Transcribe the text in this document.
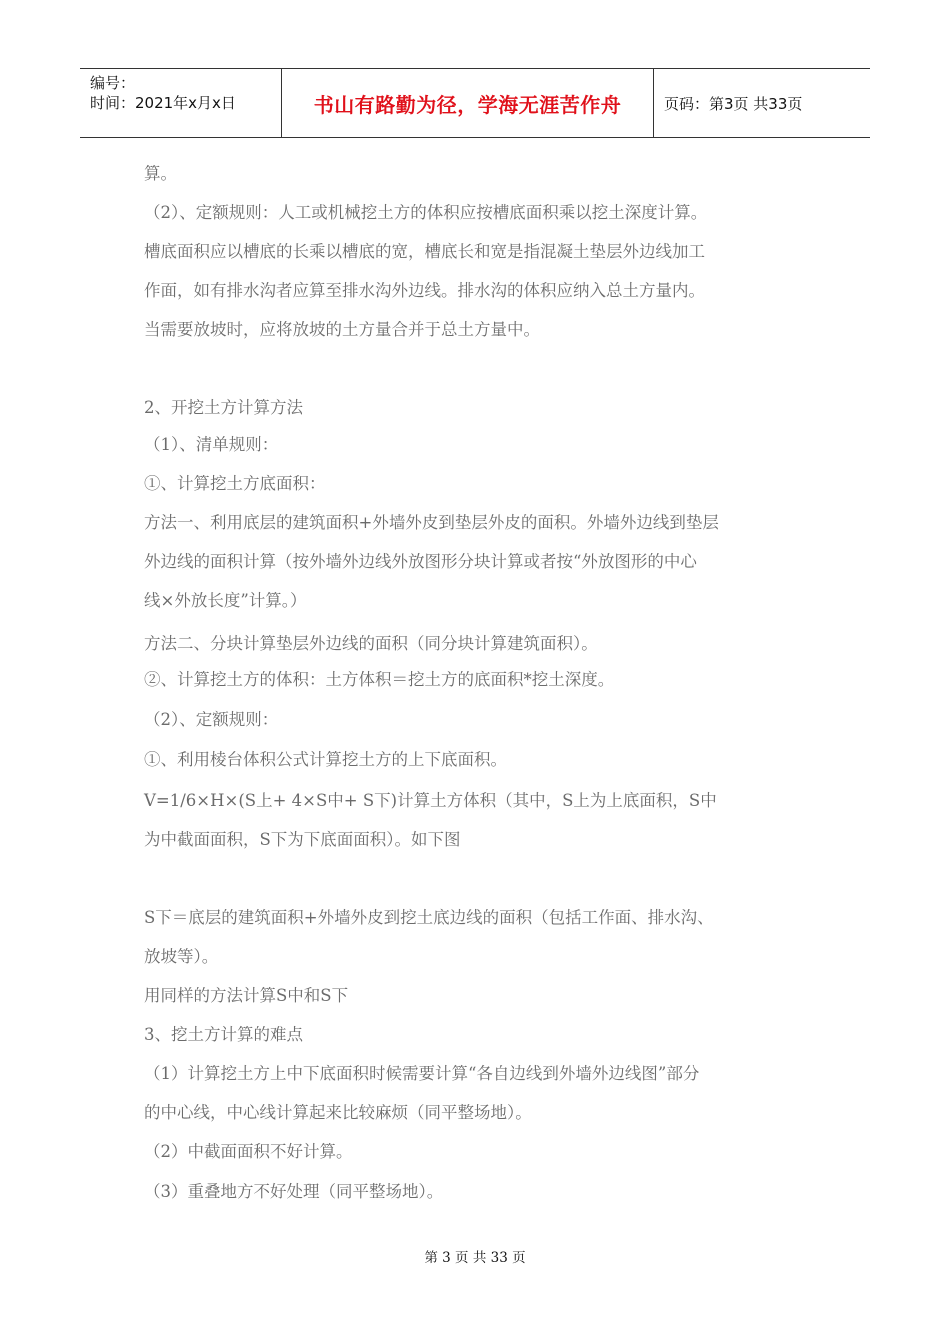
编号：
时间：2021年x月x日	书山有路勤为径，学海无涯苦作舟	页码：第3页 共33页
算。
（2）、定额规则：人工或机械挖土方的体积应按槽底面积乘以挖土深度计算。
槽底面积应以槽底的长乘以槽底的宽，槽底长和宽是指混凝土垫层外边线加工
作面，如有排水沟者应算至排水沟外边线。排水沟的体积应纳入总土方量内。
当需要放坡时，应将放坡的土方量合并于总土方量中。
2、开挖土方计算方法
（1）、清单规则：
①、计算挖土方底面积：
方法一、利用底层的建筑面积+外墙外皮到垫层外皮的面积。外墙外边线到垫层
外边线的面积计算（按外墙外边线外放图形分块计算或者按“外放图形的中心
线×外放长度”计算。）
方法二、分块计算垫层外边线的面积（同分块计算建筑面积）。
②、计算挖土方的体积：土方体积＝挖土方的底面积*挖土深度。
（2）、定额规则：
①、利用棱台体积公式计算挖土方的上下底面积。
V=1/6×H×(S上+ 4×S中+ S下)计算土方体积（其中，S上为上底面积，S中
为中截面面积，S下为下底面面积）。如下图
S下＝底层的建筑面积+外墙外皮到挖土底边线的面积（包括工作面、排水沟、
放坡等）。
用同样的方法计算S中和S下
3、挖土方计算的难点
（1）计算挖土方上中下底面积时候需要计算“各自边线到外墙外边线图”部分
的中心线，中心线计算起来比较麻烦（同平整场地）。
（2）中截面面积不好计算。
（3）重叠地方不好处理（同平整场地）。
第 3 页 共 33 页
